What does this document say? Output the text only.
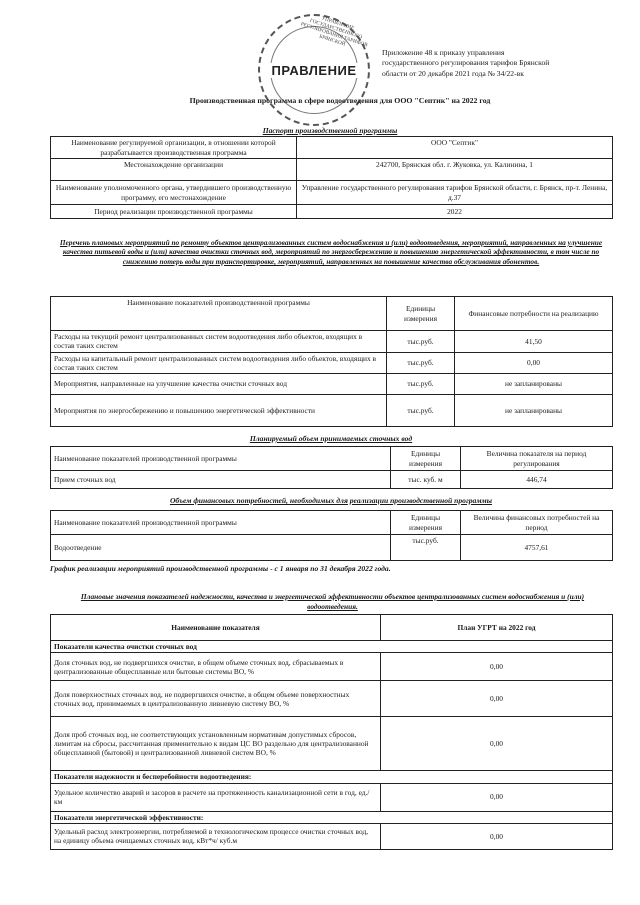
УПРАВЛЕНИЕ ГОСУДАРСТВЕННОГО РЕГУЛИРОВАНИЯ ТАРИФОВ БРЯНСКОЙ
ПРАВЛЕНИЕ
Приложение 48 к приказу управления
государственного регулирования тарифов Брянской
области от 20 декабря 2021 года № 34/22-вк
Производственная программа в сфере водоотведения для ООО "Септик" на 2022 год
Паспорт производственной программы
Наименование регулируемой организации, в отношении которой разрабатывается производственная программа	ООО "Септик"
Местонахождение организации	242700, Брянская обл. г. Жуковка, ул. Калинина, 1
Наименование уполномоченного органа, утвердившего производственную программу, его местонахождение	Управление государственного регулирования тарифов Брянской области, г. Брянск, пр-т. Ленина, д.37
Период реализации производственной программы	2022
Перечень плановых мероприятий по ремонту объектов централизованных систем водоснабжения и (или) водоотведения, мероприятий, направленных на улучшение качества питьевой воды и (или) качества очистки сточных вод, мероприятий по энергосбережению и повышению энергетической эффективности, в том числе по снижению потерь воды при транспортировке, мероприятий, направленных на повышение качества обслуживания абонентов.
Наименование показателей производственной программы	Единицы измерения	Финансовые потребности на реализацию
Расходы на текущий ремонт централизованных систем водоотведения либо объектов, входящих в состав таких систем	тыс.руб.	41,50
Расходы на капитальный ремонт централизованных систем водоотведения либо объектов, входящих в состав таких систем	тыс.руб.	0,00
Мероприятия, направленные на улучшение качества очистки сточных вод	тыс.руб.	не запланированы
Мероприятия по энергосбережению и повышению энергетической эффективности	тыс.руб.	не запланированы
Планируемый объем принимаемых сточных вод
Наименование показателей производственной программы	Единицы измерения	Величина показателя на период регулирования
Прием сточных вод	тыс. куб. м	446,74
Объем финансовых потребностей, необходимых для реализации производственной программы
Наименование показателей производственной программы	Единицы измерения	Величина финансовых потребностей на период
Водоотведение	тыс.руб.	4757,61
График реализации мероприятий производственной программы - с 1 января по 31 декабря 2022 года.
Плановые значения показателей надежности, качества и энергетической эффективности объектов централизованных систем водоснабжения и (или) водоотведения.
Наименование показателя	План УГРТ на 2022 год
Показатели качества очистки сточных вод	
Доля сточных вод, не подвергшихся очистке, в общем объеме сточных вод, сбрасываемых в централизованные общесплавные или бытовые системы ВО, %	0,00
Доля поверхностных сточных вод, не подвергшихся очистке, в общем объеме поверхностных сточных вод, принимаемых в централизованную ливневую систему ВО, %	0,00
Доля проб сточных вод, не соответствующих установленным нормативам допустимых сбросов, лимитам на сбросы, рассчитанная применительно к видам ЦС ВО раздельно для централизованной общесплавной (бытовой) и централизованной ливневой систем ВО, %	0,00
Показатели надежности и бесперебойности водоотведения:	
Удельное количество аварий и засоров в расчете на протяженность канализационной сети в год, ед./км	0,00
Показатели энергетической эффективности:	
Удельный расход электроэнергии, потребляемой в технологическом процессе очистки сточных вод, на единицу объема очищаемых сточных вод, кВт*ч/ куб.м	0,00
